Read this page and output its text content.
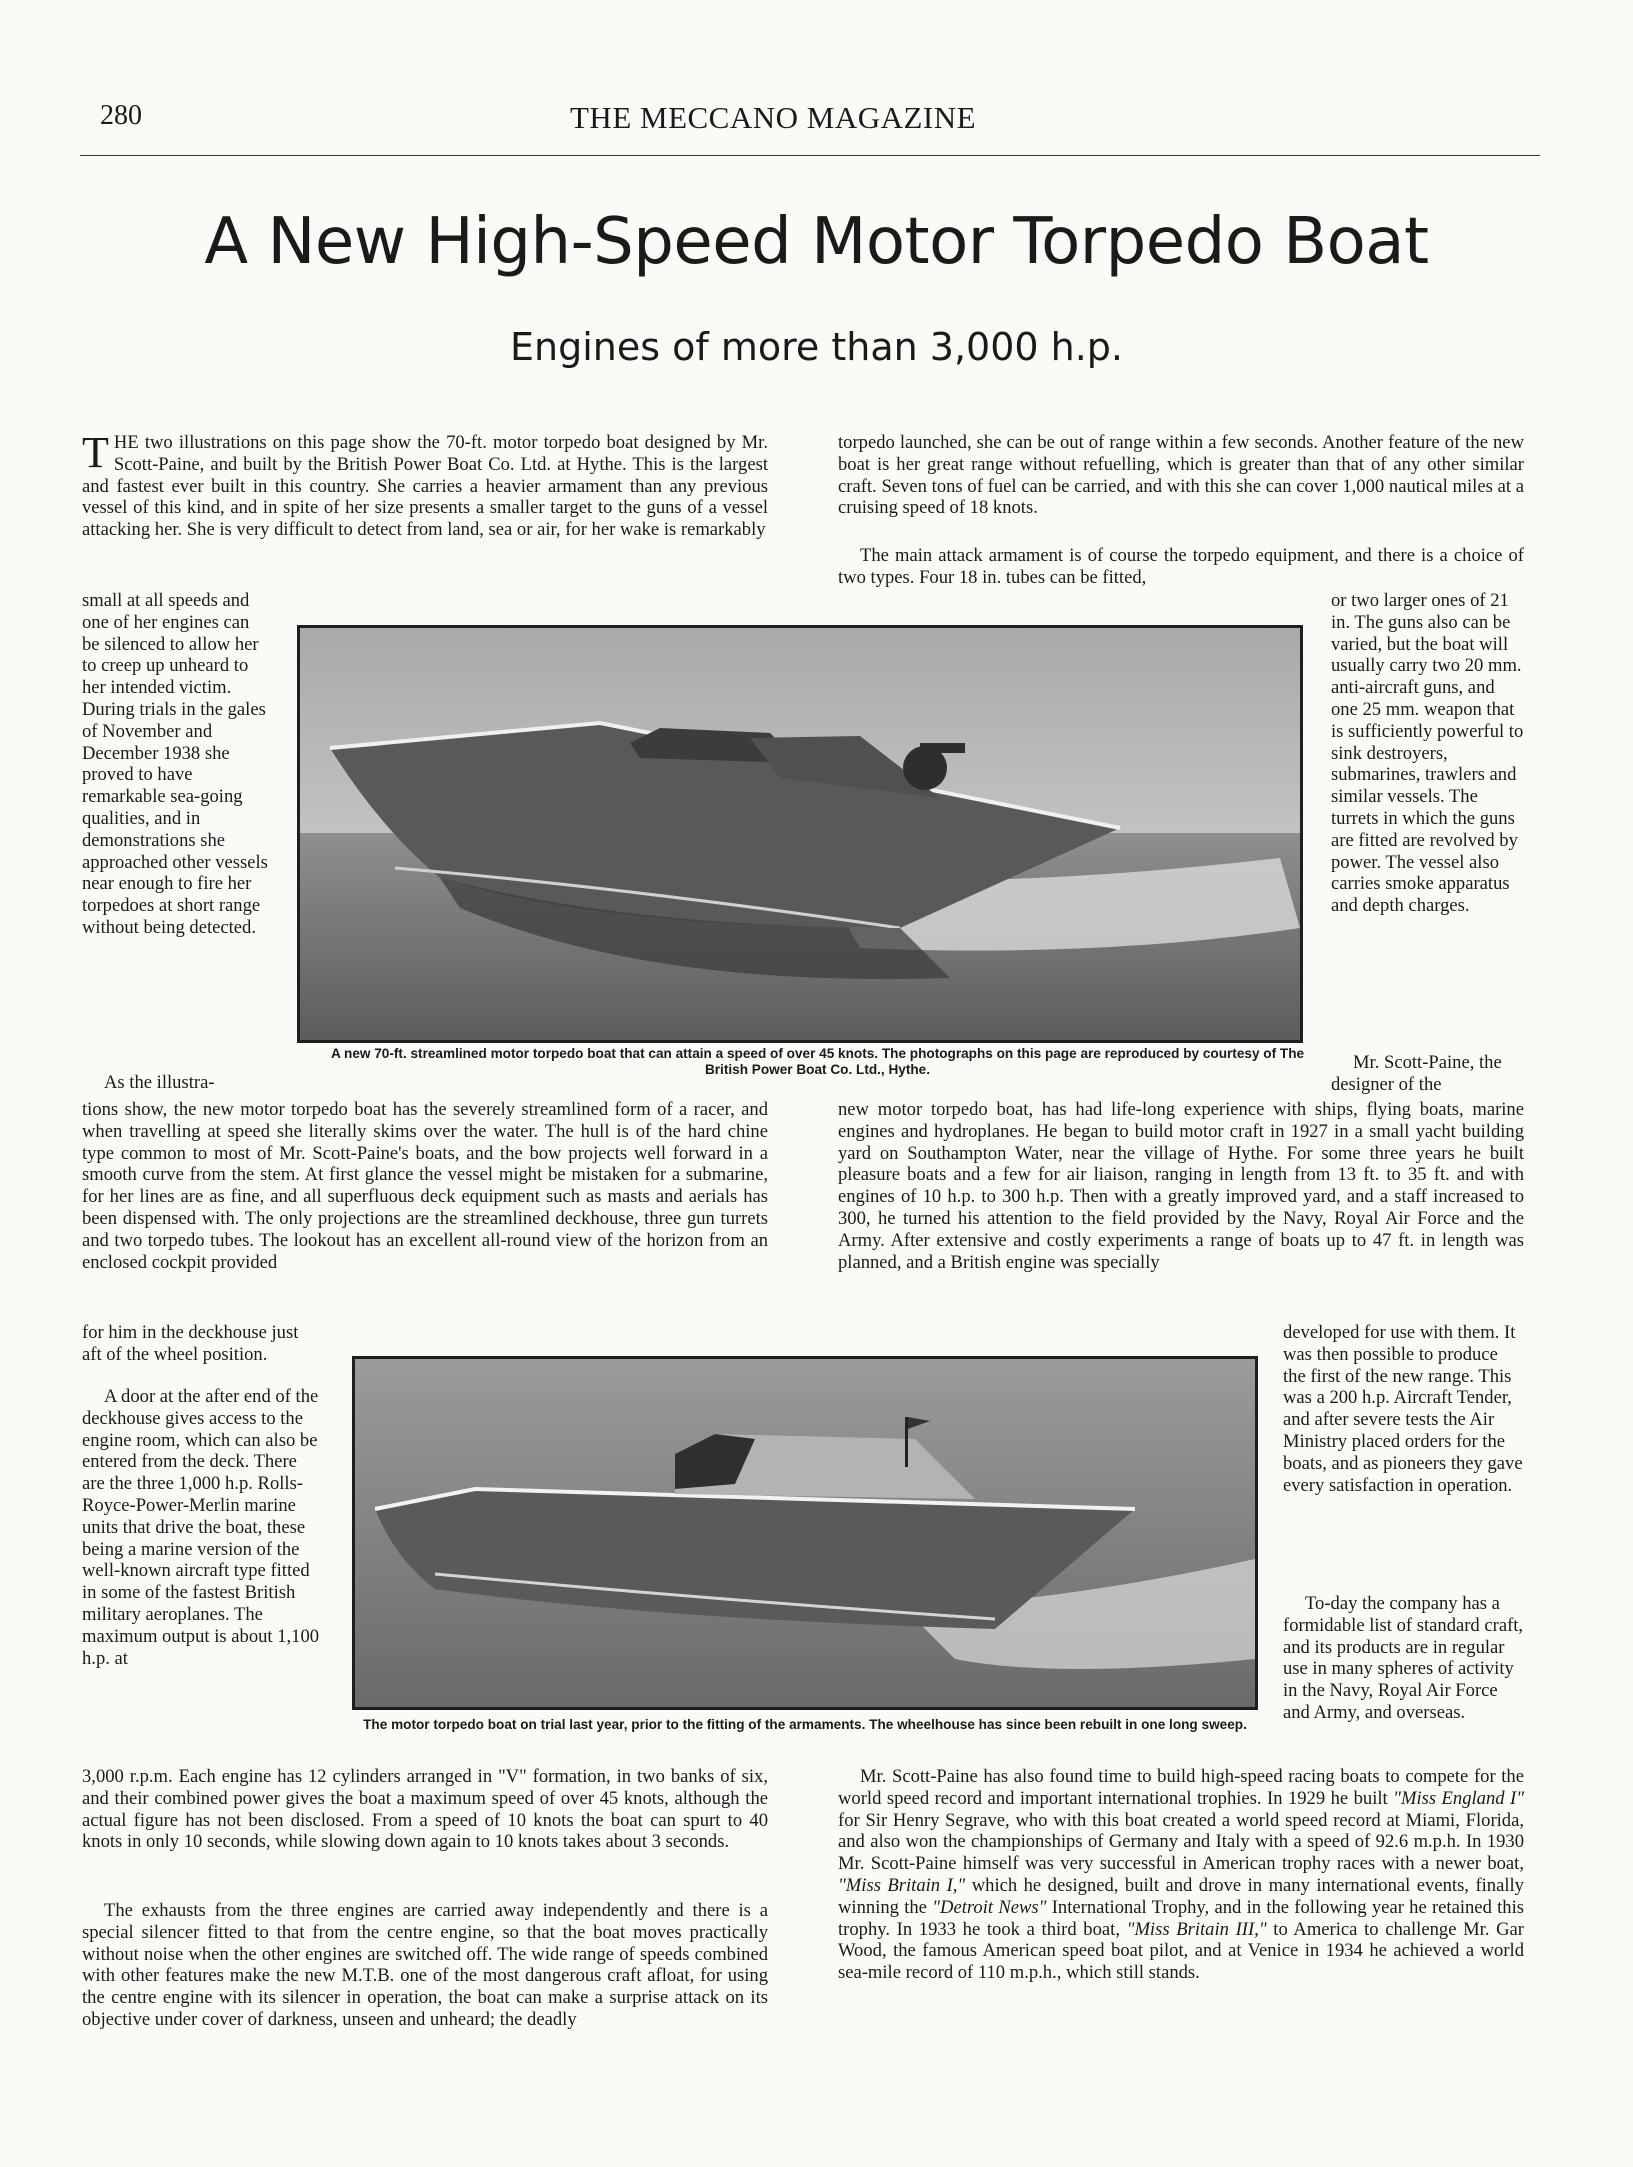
280	THE MECCANO MAGAZINE
A New High-Speed Motor Torpedo Boat
Engines of more than 3,000 h.p.
THE two illustrations on this page show the 70-ft. motor torpedo boat designed by Mr. Scott-Paine, and built by the British Power Boat Co. Ltd. at Hythe. This is the largest and fastest ever built in this country. She carries a heavier armament than any previous vessel of this kind, and in spite of her size presents a smaller target to the guns of a vessel attacking her. She is very difficult to detect from land, sea or air, for her wake is remarkably
small at all speeds and one of her engines can be silenced to allow her to creep up unheard to her intended victim. During trials in the gales of November and December 1938 she proved to have remarkable sea-going qualities, and in demonstrations she approached other vessels near enough to fire her torpedoes at short range without being detected.
As the illustra-
tions show, the new motor torpedo boat has the severely streamlined form of a racer, and when travelling at speed she literally skims over the water. The hull is of the hard chine type common to most of Mr. Scott-Paine's boats, and the bow projects well forward in a smooth curve from the stem. At first glance the vessel might be mistaken for a submarine, for her lines are as fine, and all superfluous deck equipment such as masts and aerials has been dispensed with. The only projections are the streamlined deckhouse, three gun turrets and two torpedo tubes. The lookout has an excellent all-round view of the horizon from an enclosed cockpit provided
for him in the deckhouse just aft of the wheel position.
A door at the after end of the deckhouse gives access to the engine room, which can also be entered from the deck. There are the three 1,000 h.p. Rolls-Royce-Power-Merlin marine units that drive the boat, these being a marine version of the well-known aircraft type fitted in some of the fastest British military aeroplanes. The maximum output is about 1,100 h.p. at
3,000 r.p.m. Each engine has 12 cylinders arranged in "V" formation, in two banks of six, and their combined power gives the boat a maximum speed of over 45 knots, although the actual figure has not been disclosed. From a speed of 10 knots the boat can spurt to 40 knots in only 10 seconds, while slowing down again to 10 knots takes about 3 seconds.
The exhausts from the three engines are carried away independently and there is a special silencer fitted to that from the centre engine, so that the boat moves practically without noise when the other engines are switched off. The wide range of speeds combined with other features make the new M.T.B. one of the most dangerous craft afloat, for using the centre engine with its silencer in operation, the boat can make a surprise attack on its objective under cover of darkness, unseen and unheard; the deadly
torpedo launched, she can be out of range within a few seconds. Another feature of the new boat is her great range without refuelling, which is greater than that of any other similar craft. Seven tons of fuel can be carried, and with this she can cover 1,000 nautical miles at a cruising speed of 18 knots.
The main attack armament is of course the torpedo equipment, and there is a choice of two types. Four 18 in. tubes can be fitted,
or two larger ones of 21 in. The guns also can be varied, but the boat will usually carry two 20 mm. anti-aircraft guns, and one 25 mm. weapon that is sufficiently powerful to sink destroyers, submarines, trawlers and similar vessels. The turrets in which the guns are fitted are revolved by power. The vessel also carries smoke apparatus and depth charges.
Mr. Scott-Paine, the designer of the
new motor torpedo boat, has had life-long experience with ships, flying boats, marine engines and hydroplanes. He began to build motor craft in 1927 in a small yacht building yard on Southampton Water, near the village of Hythe. For some three years he built pleasure boats and a few for air liaison, ranging in length from 13 ft. to 35 ft. and with engines of 10 h.p. to 300 h.p. Then with a greatly improved yard, and a staff increased to 300, he turned his attention to the field provided by the Navy, Royal Air Force and the Army. After extensive and costly experiments a range of boats up to 47 ft. in length was planned, and a British engine was specially
developed for use with them. It was then possible to produce the first of the new range. This was a 200 h.p. Aircraft Tender, and after severe tests the Air Ministry placed orders for the boats, and as pioneers they gave every satisfaction in operation.
To-day the company has a formidable list of standard craft, and its products are in regular use in many spheres of activity in the Navy, Royal Air Force and Army, and overseas.
Mr. Scott-Paine has also found time to build high-speed racing boats to compete for the world speed record and important international trophies. In 1929 he built "Miss England I" for Sir Henry Segrave, who with this boat created a world speed record at Miami, Florida, and also won the championships of Germany and Italy with a speed of 92.6 m.p.h. In 1930 Mr. Scott-Paine himself was very successful in American trophy races with a newer boat, "Miss Britain I," which he designed, built and drove in many international events, finally winning the "Detroit News" International Trophy, and in the following year he retained this trophy. In 1933 he took a third boat, "Miss Britain III," to America to challenge Mr. Gar Wood, the famous American speed boat pilot, and at Venice in 1934 he achieved a world sea-mile record of 110 m.p.h., which still stands.
A new 70-ft. streamlined motor torpedo boat that can attain a speed of over 45 knots. The photographs on this page are reproduced by courtesy of The British Power Boat Co. Ltd., Hythe.
The motor torpedo boat on trial last year, prior to the fitting of the armaments. The wheelhouse has since been rebuilt in one long sweep.
